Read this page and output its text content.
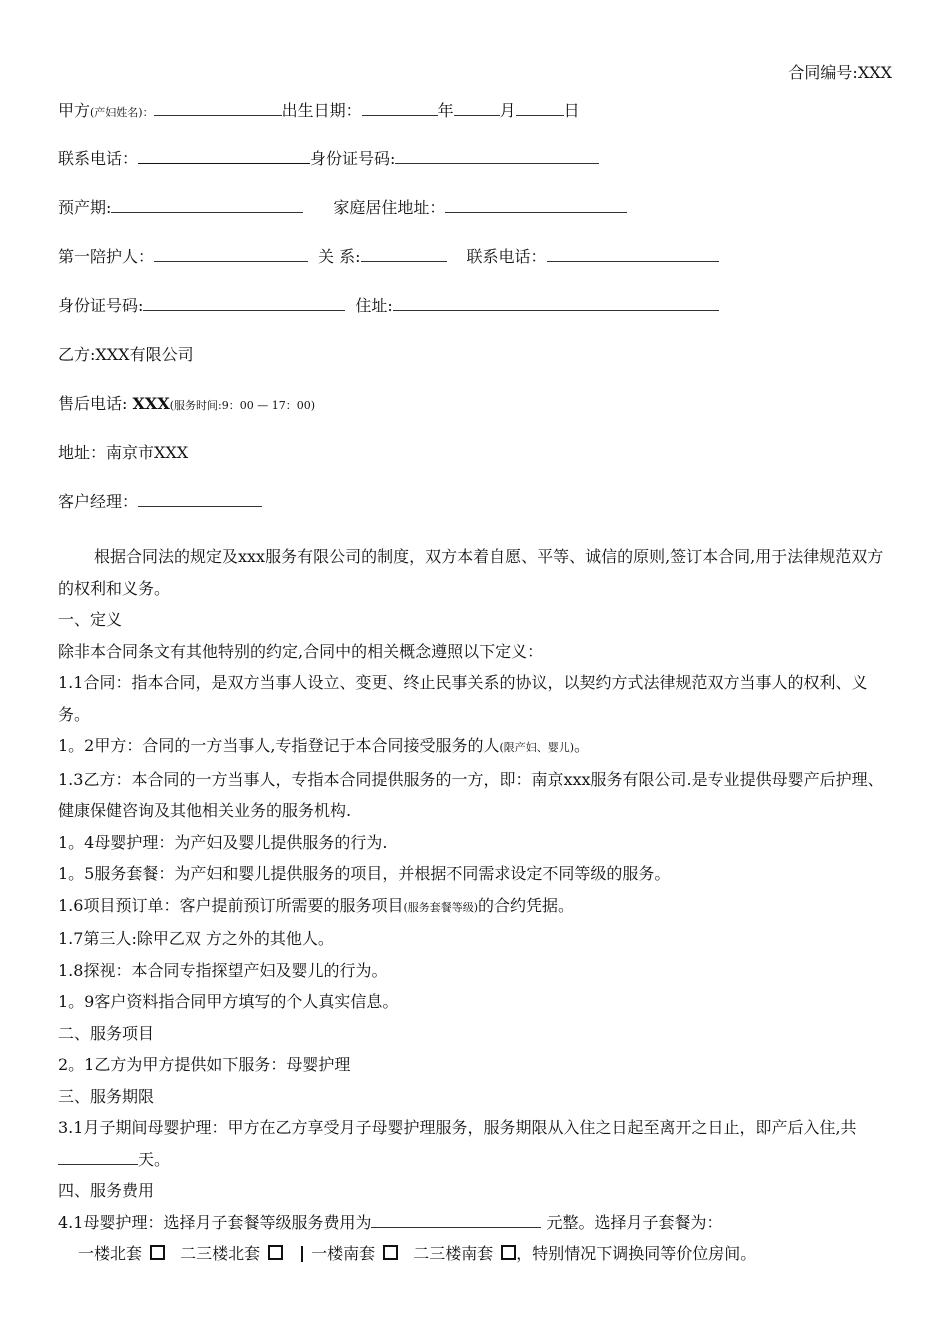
合同编号:XXX
甲方(产妇姓名)：	出生日期：	年	月	日
联系电话：	身份证号码:
预产期:	家庭居住地址：
第一陪护人：	关 系:	联系电话：
身份证号码:	住址:
乙方:XXX有限公司
售后电话: XXX(服务时间:9：00 — 17：00)
地址：南京市XXX
客户经理：

根据合同法的规定及xxx服务有限公司的制度，双方本着自愿、平等、诚信的原则,签订本合同,用于法律规范双方的权利和义务。

一、定义

除非本合同条文有其他特别的约定,合同中的相关概念遵照以下定义：

1.1合同：指本合同，是双方当事人设立、变更、终止民事关系的协议，以契约方式法律规范双方当事人的权利、义务。

1。2甲方：合同的一方当事人,专指登记于本合同接受服务的人(限产妇、婴儿)。

1.3乙方：本合同的一方当事人，专指本合同提供服务的一方，即：南京xxx服务有限公司.是专业提供母婴产后护理、健康保健咨询及其他相关业务的服务机构.

1。4母婴护理：为产妇及婴儿提供服务的行为.

1。5服务套餐：为产妇和婴儿提供服务的项目，并根据不同需求设定不同等级的服务。

1.6项目预订单：客户提前预订所需要的服务项目(服务套餐等级)的合约凭据。

1.7第三人:除甲乙双 方之外的其他人。

1.8探视：本合同专指探望产妇及婴儿的行为。

1。9客户资料指合同甲方填写的个人真实信息。

二、服务项目

2。1乙方为甲方提供如下服务：母婴护理

三、服务期限

3.1月子期间母婴护理：甲方在乙方享受月子母婴护理服务，服务期限从入住之日起至离开之日止，即产后入住,共天。

四、服务费用

4.1母婴护理：选择月子套餐等级服务费用为	元整。选择月子套餐为：

一楼北套 二三楼北套	一楼南套 二三楼南套 ，特别情况下调换同等价位房间。
